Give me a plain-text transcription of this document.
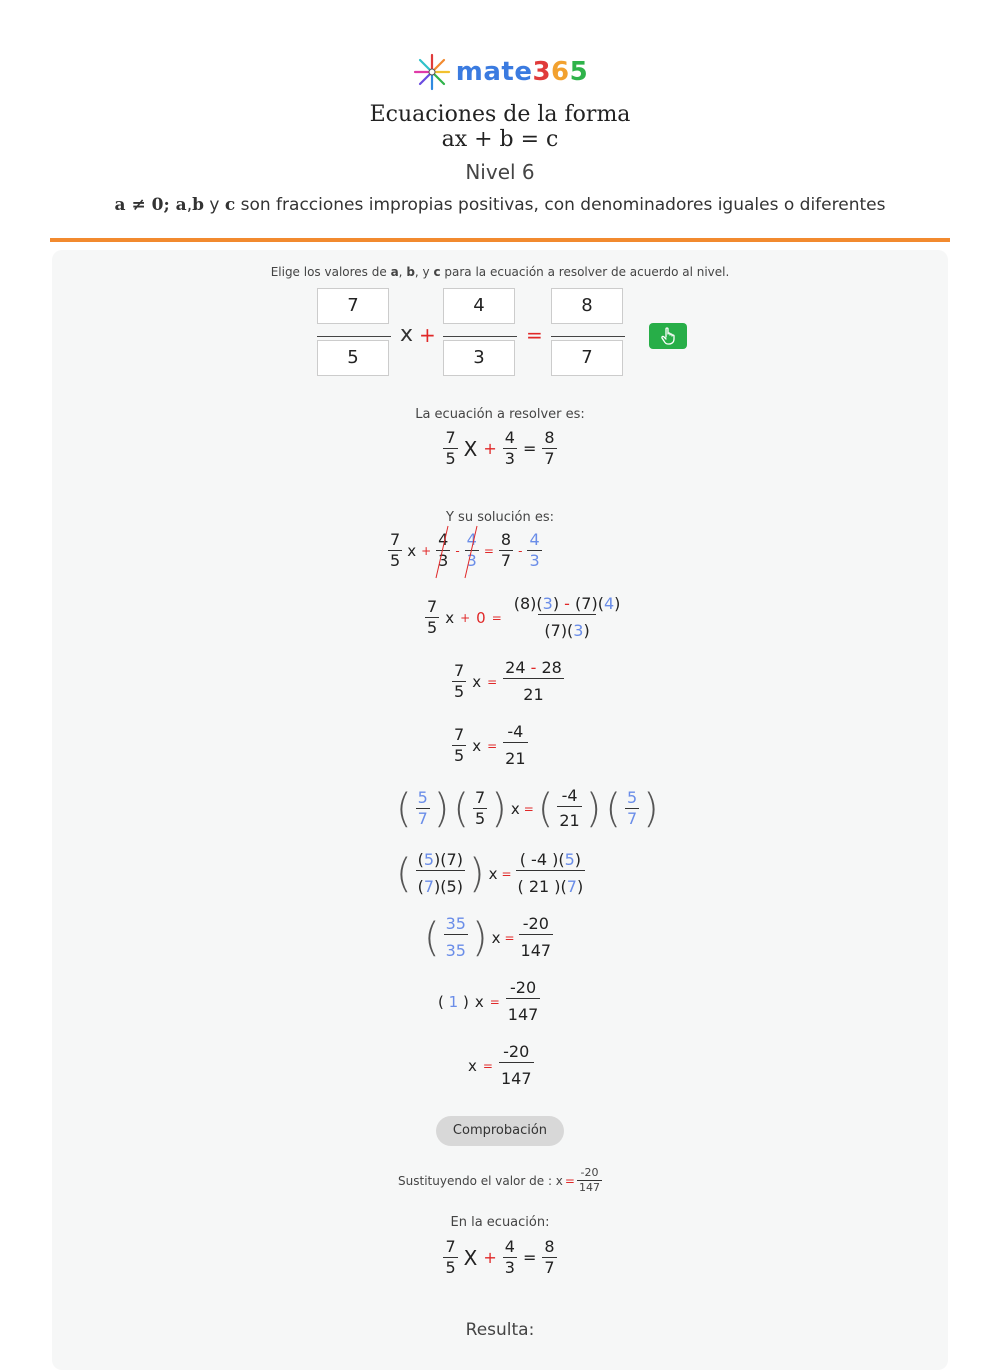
mate365
Ecuaciones de la forma
ax + b = c
Nivel 6
a ≠ 0; a,b y c son fracciones impropias positivas, con denominadores iguales o diferentes
Elige los valores de a, b, y c para la ecuación a resolver de acuerdo al nivel.
7
5
x +
4
3
=
8
7
La ecuación a resolver es:
$\frac{7}{5}$ $X + \frac{4}{3} = \frac{8}{7}$
Y su solución es:
$\frac{7}{5}$ $x + \frac{4}{3} - \frac{4}{3} = \frac{8}{7} - \frac{4}{3}$
$\frac{7}{5}$ $x + 0 = \frac{(8)(3) - (7)(4)}{(7)(3)}$
$\frac{7}{5}$ $x = \frac{24 - 28}{21}$
$\frac{7}{5}$ $x = \frac{-4}{21}$
( $\frac{5}{7}$ ) ( $\frac{7}{5}$ ) x = ( $\frac{-4}{21}$ ) ( $\frac{5}{7}$ )
( (5)(7)
(7)(5) ) $x = \frac{( -4 )(5)}{( 21 )(7)}$
( 35
35 ) $x = \frac{-20}{147}$
( 1 ) $x = \frac{-20}{147}$
$x = \frac{-20}{147}$
Comprobación
Sustituyendo el valor de : $x = \frac{-20}{147}$
En la ecuación:
$\frac{7}{5}$ $X + \frac{4}{3} = \frac{8}{7}$
Resulta:
